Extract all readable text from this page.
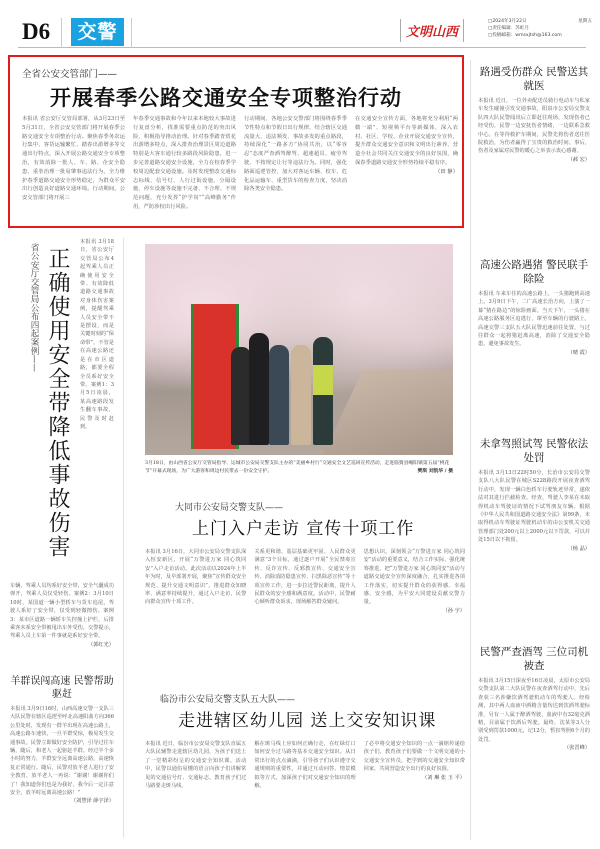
D6	交警	文明山西
□2024年3月22日	星期五
□责任编辑：苏虹月
□投稿邮箱：wmsxjtsh@163.com
全省公安交管部门——
开展春季公路交通安全专项整治行动
本报讯 省公安厅交管局部署，从3月23日至5月31日，全省公安交管部门将开展春季公路交通安全专项整治行动。聚焦春季务农运行集中、客货运输繁忙、踏春出游增多等交通出行特点，深入开展公路交通安全专项整治，有效消除一批人、车、路、企安全隐患，重拳治理一批易肇事违法行为，全力维护春季道路交通安全形势稳定，为群众平安出行创造良好道路交通环境。行动期间，公安交管部门将开展三
年春季交通事故和今年以来本地较大事故进行复盘分析，找准需要重点防范的突出风险，积极指导推动治理。针对春季踏青赏花出游增多特点，深入排查治理景区周边道路特别是大客车通行较多路段风险隐患，进一步完善道路交通安全设施，全力在校春季学校周边配套交通设施。及时发现整改交通标志标线、信号灯、人行过街设施、分隔设施、停车设施等设施不完备、不合理、不规范问题，充分发挥“护学岗”“高峰勤务”作用，严防涉校出行风险。
行动期间，各地公安交警部门将围绕春季季节性特点和节假日出行规律，结合辖区交通流量大、违法频发、事故多发的重点路段，持续深化“一路多方”协同共治，以“零容忍”态度严查酒驾醉驾、超速超员、疲劳驾驶、不按规定让行等违法行为。同时，强化路面巡逻管控，加大对客运车辆、校车、危化品运输车、重型货车的检查力度，坚决消除各类安全隐患。
在交通安全宣传方面，各地将充分利用“两微一端”、短视频平台等新媒体，深入农村、社区、学校、企业开展交通安全宣传，提升群众交通安全意识和文明出行素养，营造全社会共同关注交通安全的良好氛围，确保春季道路交通安全形势持续平稳有序。
（田 静）
省公安厅交管局公布四起案例—— 正确使用安全带降低事故伤害
本报讯 3月18日，省公安厅交管局公布4起驾乘人员正确使用安全带、有效降低道路交通事故对身体伤害案例，提醒驾乘人员安全带不是摆设，而是关键时刻的“保命带”。不管是在高速公路还是在市区道路，都要全程全员系好安全带。案例1：3月5日凌晨，某高速路段发生翻车事故，民警及时赶到。
车辆，驾乘人员均系好安全带，安全气囊成功弹开，驾乘人员仅受轻伤。案例2：3月10日10时，某国道一辆小型轿车与货车追尾，驾驶人系好了安全带，仅受到轻微擦伤。案例3：某市区道路一辆轿车失控撞上护栏，后排乘客未系安全带被甩出车外受伤。交警提示，驾乘人员上车第一件事就是系好安全带。
（郭红光）
3月18日，由山西省公安厅交管局指导、运城市公安局交警支队主办的“美丽乡村行”交通安全文艺巡回宣传活动，走进临猗县嵋阳镇第五届“桃花节”开幕式现场，为广大游客和周边村民带去一份安全守护。	樊琪 刘凯华 / 摄
大同市公安局交警支队——
上门入户走访 宣传十项工作
本报讯 3月16日，大同市公安局交警支队深入恒安新区，开展“万警进万家 同心筑同安”入户走访活动。此次活动以2024年上半年为时，及早部署开展，聚焦“宣传群众安全规范、提升交通文明意识”，推进群众知晓率、满意率持续提升，通过入户走访，民警向群众宣传十项工作。
关系更和谐、基层基础更牢固、人民群众更满意”3个目标，通过逐户开展“全民禁毒宣传、反诈宣传、反邪教宣传、交通安全宣传、消除消防隐患宣传、扫黑除恶宣传”等十项宣传工作，进一步拉近警民距离，提升人民群众的安全感和满意度。活动中，民警耐心倾听群众诉求，现场解答群众疑问。
思想认识。深刻领会“万警进万家 同心筑同安”活动的重要意义，结合工作实际，强化统筹推进，把“万警进万家 同心筑同安”活动与道路交通安全宣传深度融合，扎实推进各项工作落实，切实提升群众的获得感、幸福感、安全感，为平安大同建设贡献交警力量。
（孙 宇）
临汾市公安局交警支队五大队——
走进辖区幼儿园 送上交安知识课
本报讯 近日，临汾市公安局交警支队直属五大队民辅警走进辖区幼儿园，为孩子们送上了一堂精彩纷呈的交通安全知识课。活动中，民警以通俗易懂的语言向孩子们讲解常见的交通信号灯、交通标志，教育孩子们过马路要走斑马线、
解在斑马线上应如何正确行走，在红绿灯口如何安全过马路等基本交通安全知识。从日常出行的点点滴滴，引导孩子们认识遵守交通规则的重要性，并通过互动问答、情景模拟等方式，加深孩子们对交通安全知识的理解。
了必中将交通安全知识的一点一滴铭传递给孩子们，教育孩子们要做一个文明交通的小交通安全宣传员，把学到的交通安全知识带回家，共同营造安全出行的良好氛围。
（刘 琳 张 玉 平）
羊群误闯高速 民警帮助驱赶
本报讯 3月9日16时，山西高速交警一支队三大队民警在辖区巡逻至呼北高速阳曲方向366公里处时，发现有一群羊出现在高速公路上，高速公路车速快，一旦羊群受惊，极易发生交通事故。民警立即做好安全防护，引导过往车辆，随后，和老人一起驱赶羊群。经过半个多小时的努力，羊群安全远离高速公路，高速恢复正常通行。随后，民警对放羊老人进行了安全教育，放羊老人一再说：“谢谢！谢谢你们了！我知道你们也是为我好，我今后一定注意安全，放羊时远离高速公路！”
（刘慧泽 薛宇泽）
路遇受伤群众 民警送其就医
本报讯 近日，一位外卖配送员骑行电动车与私家车发生碰撞引发交通事故，阳泉市公安局交警支队四大队民警闻讯后立即赶往现场，发现伤者已经受伤，民警一边安抚伤者情绪，一边联系急救中心。在等待救护车期间，民警先将伤者送往医院救治，为伤者赢得了宝贵的救治时间。事后，伤者及家属对民警的暖心之举表示衷心感谢。
（郝 宏）
高速公路遇猪 警民联手除险
本报讯 车来车往的高速公路上，一头猪跑到高速上。3月9日下午，二广高速长治方向，上演了一幕“猪在路边”的惊险画面。当天下午，一头猪在高速公路服务区追逃行，窜至车辆的行驶路上，高速交警三支队五大队民警迅速前往处置，与过往群众一起将猪赶离高速，消除了交通安全隐患，避免事故发生。
（晴 霞）
未拿驾照试驾 民警依法处罚
本报讯 3月13日22时50分，长治市公安局交警支队八大队民警在城区S228路段开展夜查酒驾行动中，发现一辆白色轿车行驶轨迹异常，遂依法对其进行拦截检查。经查，驾驶人李某在未取得机动车驾驶证的情况下试驾朋友车辆。根据《中华人民共和国道路交通安全法》第99条，未取得机动车驾驶证驾驶机动车的由公安机关交通管理部门处200元以上2000元以下罚款，可以并处15日以下拘留。
（杨 晶）
民警严查酒驾 三位司机被查
本报讯 3月15日深夜至16日凌晨，太原市公安局交警支队第二大队民警在夜查酒驾行动中，先后查获三名涉嫌饮酒驾驶机动车的驾驶人。经检测，其中两人血液中酒精含量均达到饮酒驾驶标准，另有一人属于醉酒驾驶，血液中有32毫克酒精，目前属于饮酒后驾驶。最终，沈某等3人分别受到罚款1000元，记12分，暂扣驾照6个月的处罚。
（张晋峰）
